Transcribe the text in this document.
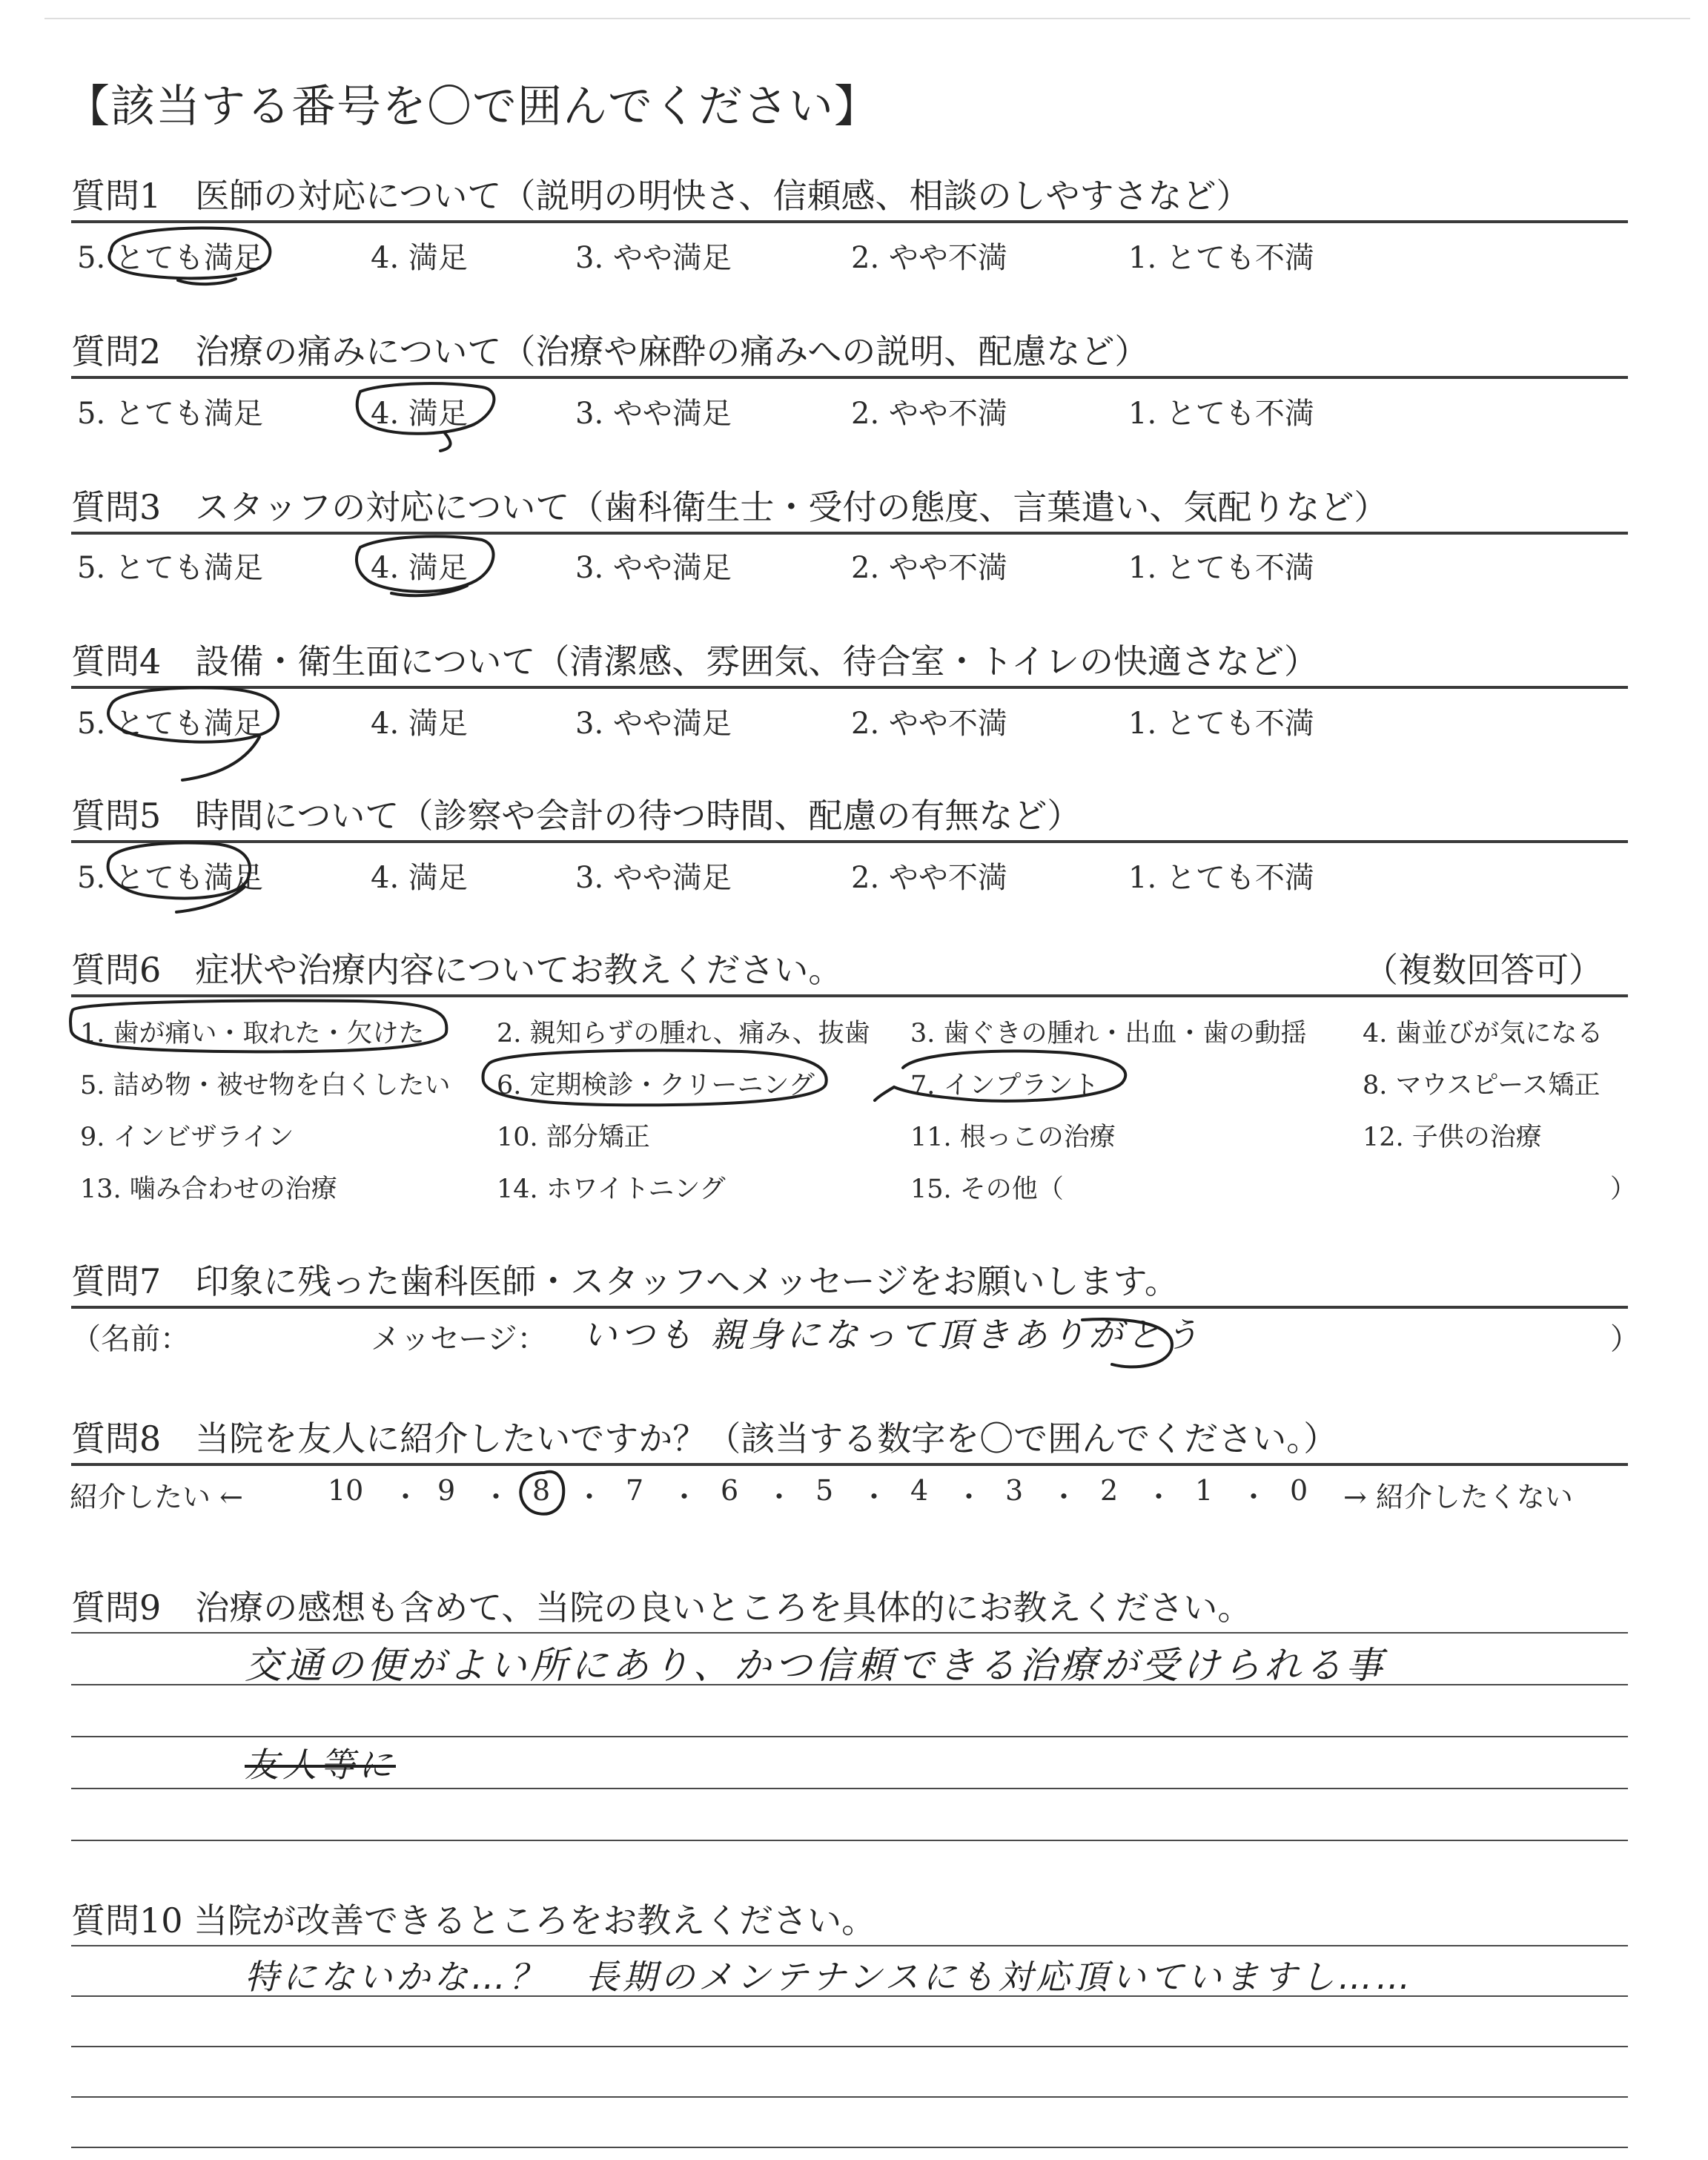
【該当する番号を〇で囲んでください】
質問1　医師の対応について（説明の明快さ、信頼感、相談のしやすさなど）
5. とても満足	4. 満足	3. やや満足	2. やや不満	1. とても不満
質問2　治療の痛みについて（治療や麻酔の痛みへの説明、配慮など）
5. とても満足	4. 満足	3. やや満足	2. やや不満	1. とても不満
質問3　スタッフの対応について（歯科衛生士・受付の態度、言葉遣い、気配りなど）
5. とても満足	4. 満足	3. やや満足	2. やや不満	1. とても不満
質問4　設備・衛生面について（清潔感、雰囲気、待合室・トイレの快適さなど）
5. とても満足	4. 満足	3. やや満足	2. やや不満	1. とても不満
質問5　時間について（診察や会計の待つ時間、配慮の有無など）
5. とても満足	4. 満足	3. やや満足	2. やや不満	1. とても不満
質問6　症状や治療内容についてお教えください。	（複数回答可）
1. 歯が痛い・取れた・欠けた	2. 親知らずの腫れ、痛み、抜歯 3. 歯ぐきの腫れ・出血・歯の動揺 4. 歯並びが気になる
5. 詰め物・被せ物を白くしたい 6. 定期検診・クリーニング	7. インプラント	8. マウスピース矯正
9. インビザライン	10. 部分矯正	11. 根っこの治療	12. 子供の治療
13. 噛み合わせの治療	14. ホワイトニング	15. その他（	）
質問7　印象に残った歯科医師・スタッフへメッセージをお願いします。
（名前：	メッセージ： いつも 親身になって頂きありがとう	）
質問8　当院を友人に紹介したいですか？（該当する数字を〇で囲んでください。）
紹介したい ←	10 ・ 9 ・ 8 ・ 7 ・ 6 ・ 5 ・ 4 ・ 3 ・ 2 ・ 1 ・ 0 → 紹介したくない
質問9　治療の感想も含めて、当院の良いところを具体的にお教えください。
交通の便がよい所にあり、かつ信頼できる治療が受けられる事
友人等に
質問10 当院が改善できるところをお教えください。
特にないかな…？　長期のメンテナンスにも対応頂いていますし……
